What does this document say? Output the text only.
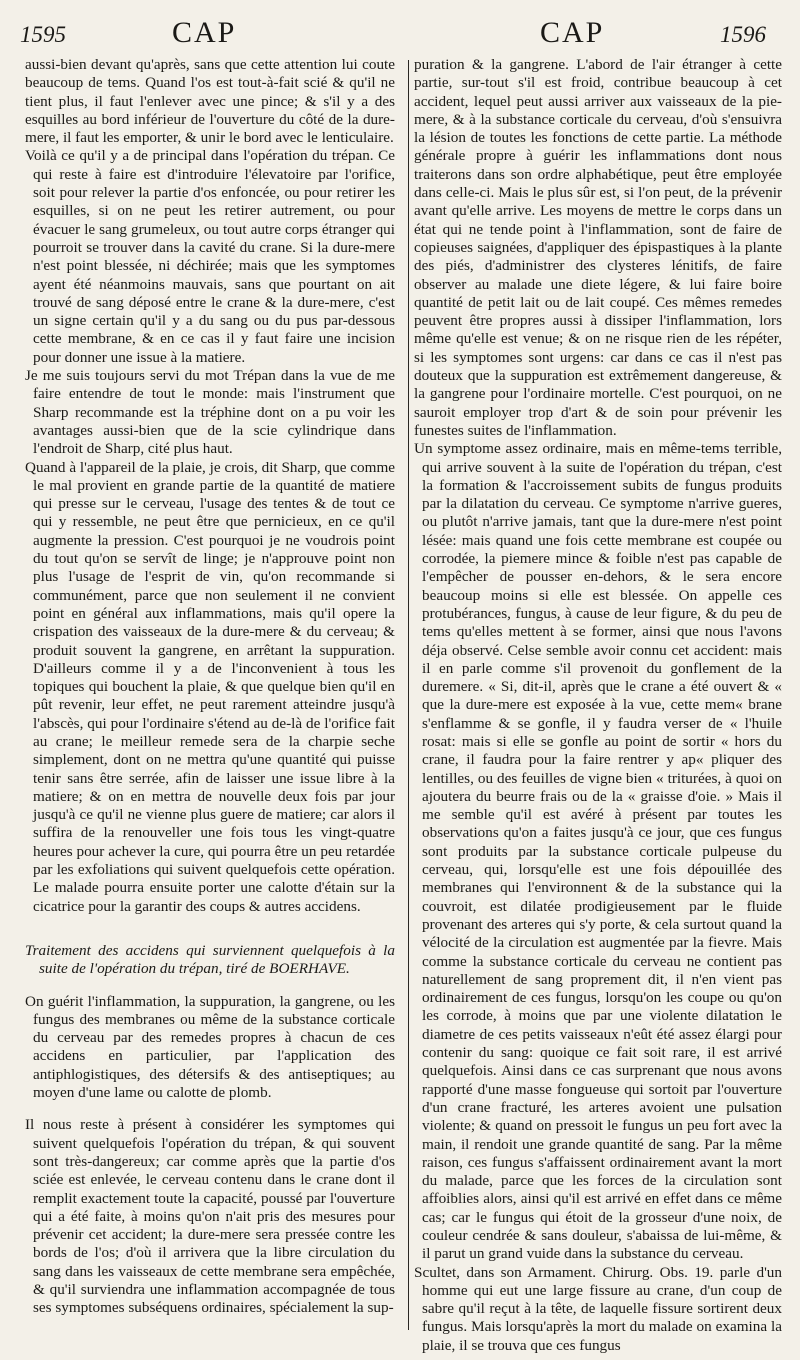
1595	CAP	CAP	1596

aussi-bien devant qu'après, sans que cette attention lui coute beaucoup de tems. Quand l'os est tout-à-fait scié & qu'il ne tient plus, il faut l'enlever avec une pince; & s'il y a des esquilles au bord inférieur de l'ouverture du côté de la dure-mere, il faut les emporter, & unir le bord avec le lenticulaire.

Voilà ce qu'il y a de principal dans l'opération du trépan. Ce qui reste à faire est d'introduire l'élevatoire par l'orifice, soit pour relever la partie d'os enfoncée, ou pour retirer les esquilles, si on ne peut les retirer autrement, ou pour évacuer le sang grumeleux, ou tout autre corps étranger qui pourroit se trouver dans la cavité du crane. Si la dure-mere n'est point blessée, ni déchirée; mais que les symptomes ayent été néanmoins mauvais, sans que pourtant on ait trouvé de sang déposé entre le crane & la dure-mere, c'est un signe certain qu'il y a du sang ou du pus par-dessous cette membrane, & en ce cas il y faut faire une incision pour donner une issue à la matiere.

Je me suis toujours servi du mot Trépan dans la vue de me faire entendre de tout le monde: mais l'instrument que Sharp recommande est la tréphine dont on a pu voir les avantages aussi-bien que de la scie cylindrique dans l'endroit de Sharp, cité plus haut.

Quand à l'appareil de la plaie, je crois, dit Sharp, que comme le mal provient en grande partie de la quantité de matiere qui presse sur le cerveau, l'usage des tentes & de tout ce qui y ressemble, ne peut être que pernicieux, en ce qu'il augmente la pression. C'est pourquoi je ne voudrois point du tout qu'on se servît de linge; je n'approuve point non plus l'usage de l'esprit de vin, qu'on recommande si communément, parce que non seulement il ne convient point en général aux inflammations, mais qu'il opere la crispation des vaisseaux de la dure-mere & du cerveau; & produit souvent la gangrene, en arrêtant la suppuration. D'ailleurs comme il y a de l'inconvenient à tous les topiques qui bouchent la plaie, & que quelque bien qu'il en pût revenir, leur effet, ne peut rarement atteindre jusqu'à l'abscès, qui pour l'ordinaire s'étend au de-là de l'orifice fait au crane; le meilleur remede sera de la charpie seche simplement, dont on ne mettra qu'une quantité qui puisse tenir sans être serrée, afin de laisser une issue libre à la matiere; & on en mettra de nouvelle deux fois par jour jusqu'à ce qu'il ne vienne plus guere de matiere; car alors il suffira de la renouveller une fois tous les vingt-quatre heures pour achever la cure, qui pourra être un peu retardée par les exfoliations qui suivent quelquefois cette opération. Le malade pourra ensuite porter une calotte d'étain sur la cicatrice pour la garantir des coups & autres accidens.

Traitement des accidens qui surviennent quelquefois à la suite de l'opération du trépan, tiré de BOERHAVE.

On guérit l'inflammation, la suppuration, la gangrene, ou les fungus des membranes ou même de la substance corticale du cerveau par des remedes propres à chacun de ces accidens en particulier, par l'application des antiphlogistiques, des détersifs & des antiseptiques; au moyen d'une lame ou calotte de plomb.

Il nous reste à présent à considérer les symptomes qui suivent quelquefois l'opération du trépan, & qui souvent sont très-dangereux; car comme après que la partie d'os sciée est enlevée, le cerveau contenu dans le crane dont il remplit exactement toute la capacité, poussé par l'ouverture qui a été faite, à moins qu'on n'ait pris des mesures pour prévenir cet accident; la dure-mere sera pressée contre les bords de l'os; d'où il arrivera que la libre circulation du sang dans les vaisseaux de cette membrane sera empêchée, & qu'il surviendra une inflammation accompagnée de tous ses symptomes subséquens ordinaires, spécialement la sup-

puration & la gangrene. L'abord de l'air étranger à cette partie, sur-tout s'il est froid, contribue beaucoup à cet accident, lequel peut aussi arriver aux vaisseaux de la pie-mere, & à la substance corticale du cerveau, d'où s'ensuivra la lésion de toutes les fonctions de cette partie. La méthode générale propre à guérir les inflammations dont nous traiterons dans son ordre alphabétique, peut être employée dans celle-ci. Mais le plus sûr est, si l'on peut, de la prévenir avant qu'elle arrive. Les moyens de mettre le corps dans un état qui ne tende point à l'inflammation, sont de faire de copieuses saignées, d'appliquer des épispastiques à la plante des piés, d'administrer des clysteres lénitifs, de faire observer au malade une diete légere, & lui faire boire quantité de petit lait ou de lait coupé. Ces mêmes remedes peuvent être propres aussi à dissiper l'inflammation, lors même qu'elle est venue; & on ne risque rien de les répéter, si les symptomes sont urgens: car dans ce cas il n'est pas douteux que la suppuration est extrêmement dangereuse, & la gangrene pour l'ordinaire mortelle. C'est pourquoi, on ne sauroit employer trop d'art & de soin pour prévenir les funestes suites de l'inflammation.

Un symptome assez ordinaire, mais en même-tems terrible, qui arrive souvent à la suite de l'opération du trépan, c'est la formation & l'accroissement subits de fungus produits par la dilatation du cerveau. Ce symptome n'arrive gueres, ou plutôt n'arrive jamais, tant que la dure-mere n'est point lésée: mais quand une fois cette membrane est coupée ou corrodée, la piemere mince & foible n'est pas capable de l'empêcher de pousser en-dehors, & le sera encore beaucoup moins si elle est blessée. On appelle ces protubérances, fungus, à cause de leur figure, & du peu de tems qu'elles mettent à se former, ainsi que nous l'avons déja observé. Celse semble avoir connu cet accident: mais il en parle comme s'il provenoit du gonflement de la duremere. « Si, dit-il, après que le crane a été ouvert & « que la dure-mere est exposée à la vue, cette mem« brane s'enflamme & se gonfle, il y faudra verser de « l'huile rosat: mais si elle se gonfle au point de sortir « hors du crane, il faudra pour la faire rentrer y ap« pliquer des lentilles, ou des feuilles de vigne bien « triturées, à quoi on ajoutera du beurre frais ou de la « graisse d'oie. » Mais il me semble qu'il est avéré à présent par toutes les observations qu'on a faites jusqu'à ce jour, que ces fungus sont produits par la substance corticale pulpeuse du cerveau, qui, lorsqu'elle est une fois dépouillée des membranes qui l'environnent & de la substance qui la couvroit, est dilatée prodigieusement par le fluide provenant des arteres qui s'y porte, & cela surtout quand la vélocité de la circulation est augmentée par la fievre. Mais comme la substance corticale du cerveau ne contient pas naturellement de sang proprement dit, il n'en vient pas ordinairement de ces fungus, lorsqu'on les coupe ou qu'on les corrode, à moins que par une violente dilatation le diametre de ces petits vaisseaux n'eût été assez élargi pour contenir du sang: quoique ce fait soit rare, il est arrivé quelquefois. Ainsi dans ce cas surprenant que nous avons rapporté d'une masse fongueuse qui sortoit par l'ouverture d'un crane fracturé, les arteres avoient une pulsation violente; & quand on pressoit le fungus un peu fort avec la main, il rendoit une grande quantité de sang. Par la même raison, ces fungus s'affaissent ordinairement avant la mort du malade, parce que les forces de la circulation sont affoiblies alors, ainsi qu'il est arrivé en effet dans ce même cas; car le fungus qui étoit de la grosseur d'une noix, de couleur cendrée & sans douleur, s'abaissa de lui-même, & il parut un grand vuide dans la substance du cerveau.

Scultet, dans son Armament. Chirurg. Obs. 19. parle d'un homme qui eut une large fissure au crane, d'un coup de sabre qu'il reçut à la tête, de laquelle fissure sortirent deux fungus. Mais lorsqu'après la mort du malade on examina la plaie, il se trouva que ces fungus
